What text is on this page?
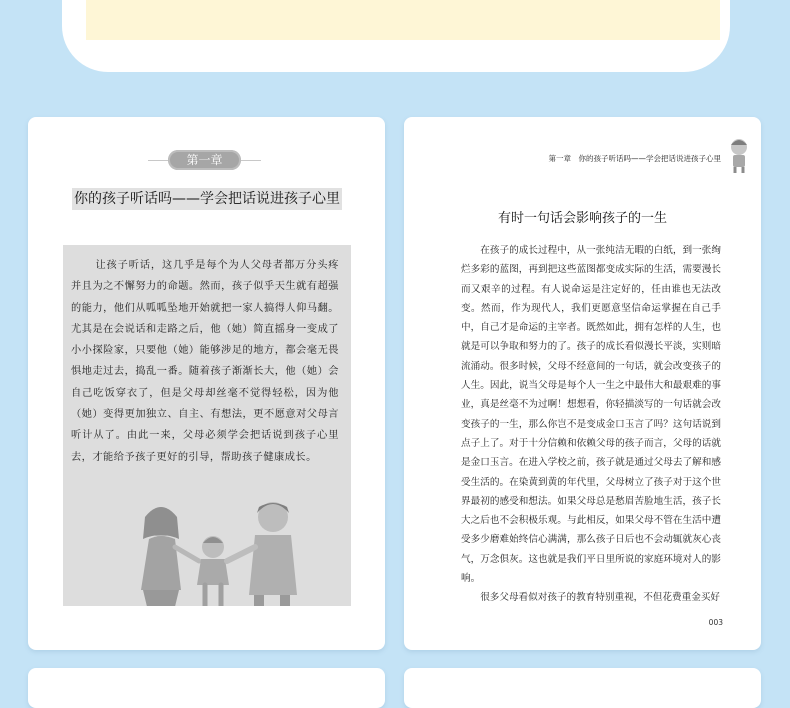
第一章
你的孩子听话吗——学会把话说进孩子心里
让孩子听话，这几乎是每个为人父母者都万分头疼并且为之不懈努力的命题。然而，孩子似乎天生就有超强的能力，他们从呱呱坠地开始就把一家人搞得人仰马翻。尤其是在会说话和走路之后，他（她）简直摇身一变成了小小探险家，只要他（她）能够涉足的地方，都会毫无畏惧地走过去，捣乱一番。随着孩子渐渐长大，他（她）会自己吃饭穿衣了，但是父母却丝毫不觉得轻松，因为他（她）变得更加独立、自主、有想法，更不愿意对父母言听计从了。由此一来，父母必须学会把话说到孩子心里去，才能给予孩子更好的引导，帮助孩子健康成长。
第一章　你的孩子听话吗——学会把话说进孩子心里
有时一句话会影响孩子的一生

在孩子的成长过程中，从一张纯洁无暇的白纸，到一张绚烂多彩的蓝图，再到把这些蓝图都变成实际的生活，需要漫长而又艰辛的过程。有人说命运是注定好的，任由谁也无法改变。然而，作为现代人，我们更愿意坚信命运掌握在自己手中，自己才是命运的主宰者。既然如此，拥有怎样的人生，也就是可以争取和努力的了。孩子的成长看似漫长平淡，实则暗流涌动。很多时候，父母不经意间的一句话，就会改变孩子的人生。因此，说当父母是每个人一生之中最伟大和最艰难的事业，真是丝毫不为过啊！想想看，你轻描淡写的一句话就会改变孩子的一生，那么你岂不是变成金口玉言了吗？这句话说到点子上了。对于十分信赖和依赖父母的孩子而言，父母的话就是金口玉言。在进入学校之前，孩子就是通过父母去了解和感受生活的。在染黄到黄的年代里，父母树立了孩子对于这个世界最初的感受和想法。如果父母总是愁眉苦脸地生活，孩子长大之后也不会积极乐观。与此相反，如果父母不管在生活中遭受多少磨难始终信心满满，那么孩子日后也不会动辄就灰心丧气，万念俱灰。这也就是我们平日里所说的家庭环境对人的影响。

很多父母看似对孩子的教育特别重视，不但花费重金买好

003
